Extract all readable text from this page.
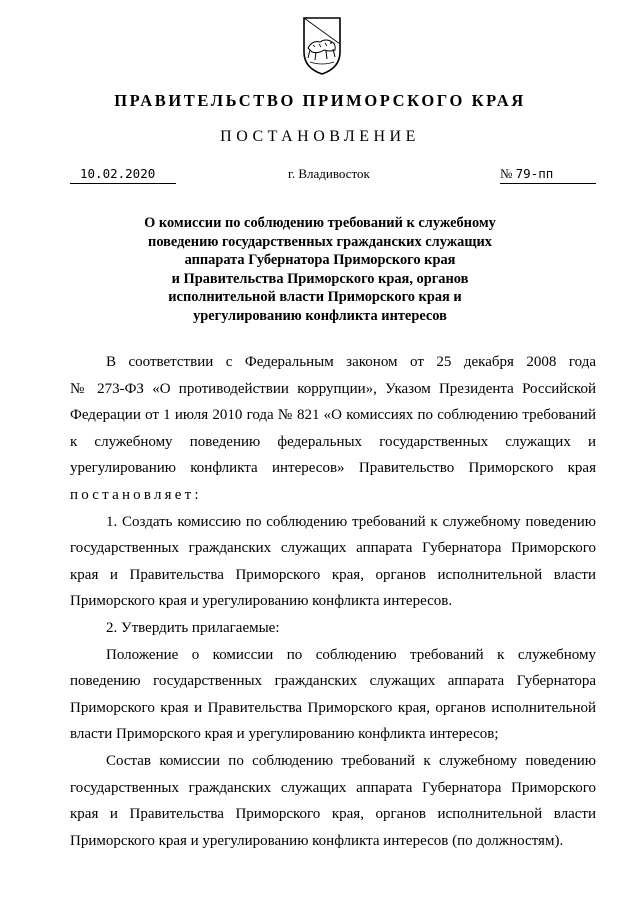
ПРАВИТЕЛЬСТВО ПРИМОРСКОГО КРАЯ
ПОСТАНОВЛЕНИЕ
10.02.2020	г. Владивосток	№ 79-пп
О комиссии по соблюдению требований к служебному
поведению государственных гражданских служащих
аппарата Губернатора Приморского края
и Правительства Приморского края, органов
исполнительной власти Приморского края и
урегулированию конфликта интересов
В соответствии с Федеральным законом от 25 декабря 2008 года
№ 273-ФЗ «О противодействии коррупции», Указом Президента Российской
Федерации от 1 июля 2010 года № 821 «О комиссиях по соблюдению требований
к служебному поведению федеральных государственных служащих и
урегулированию конфликта интересов» Правительство Приморского края
постановляет:
1. Создать комиссию по соблюдению требований к служебному поведению
государственных гражданских служащих аппарата Губернатора Приморского
края и Правительства Приморского края, органов исполнительной власти
Приморского края и урегулированию конфликта интересов.
2. Утвердить прилагаемые:
Положение о комиссии по соблюдению требований к служебному
поведению государственных гражданских служащих аппарата Губернатора
Приморского края и Правительства Приморского края, органов исполнительной
власти Приморского края и урегулированию конфликта интересов;
Состав комиссии по соблюдению требований к служебному поведению
государственных гражданских служащих аппарата Губернатора Приморского
края и Правительства Приморского края, органов исполнительной власти
Приморского края и урегулированию конфликта интересов (по должностям).
